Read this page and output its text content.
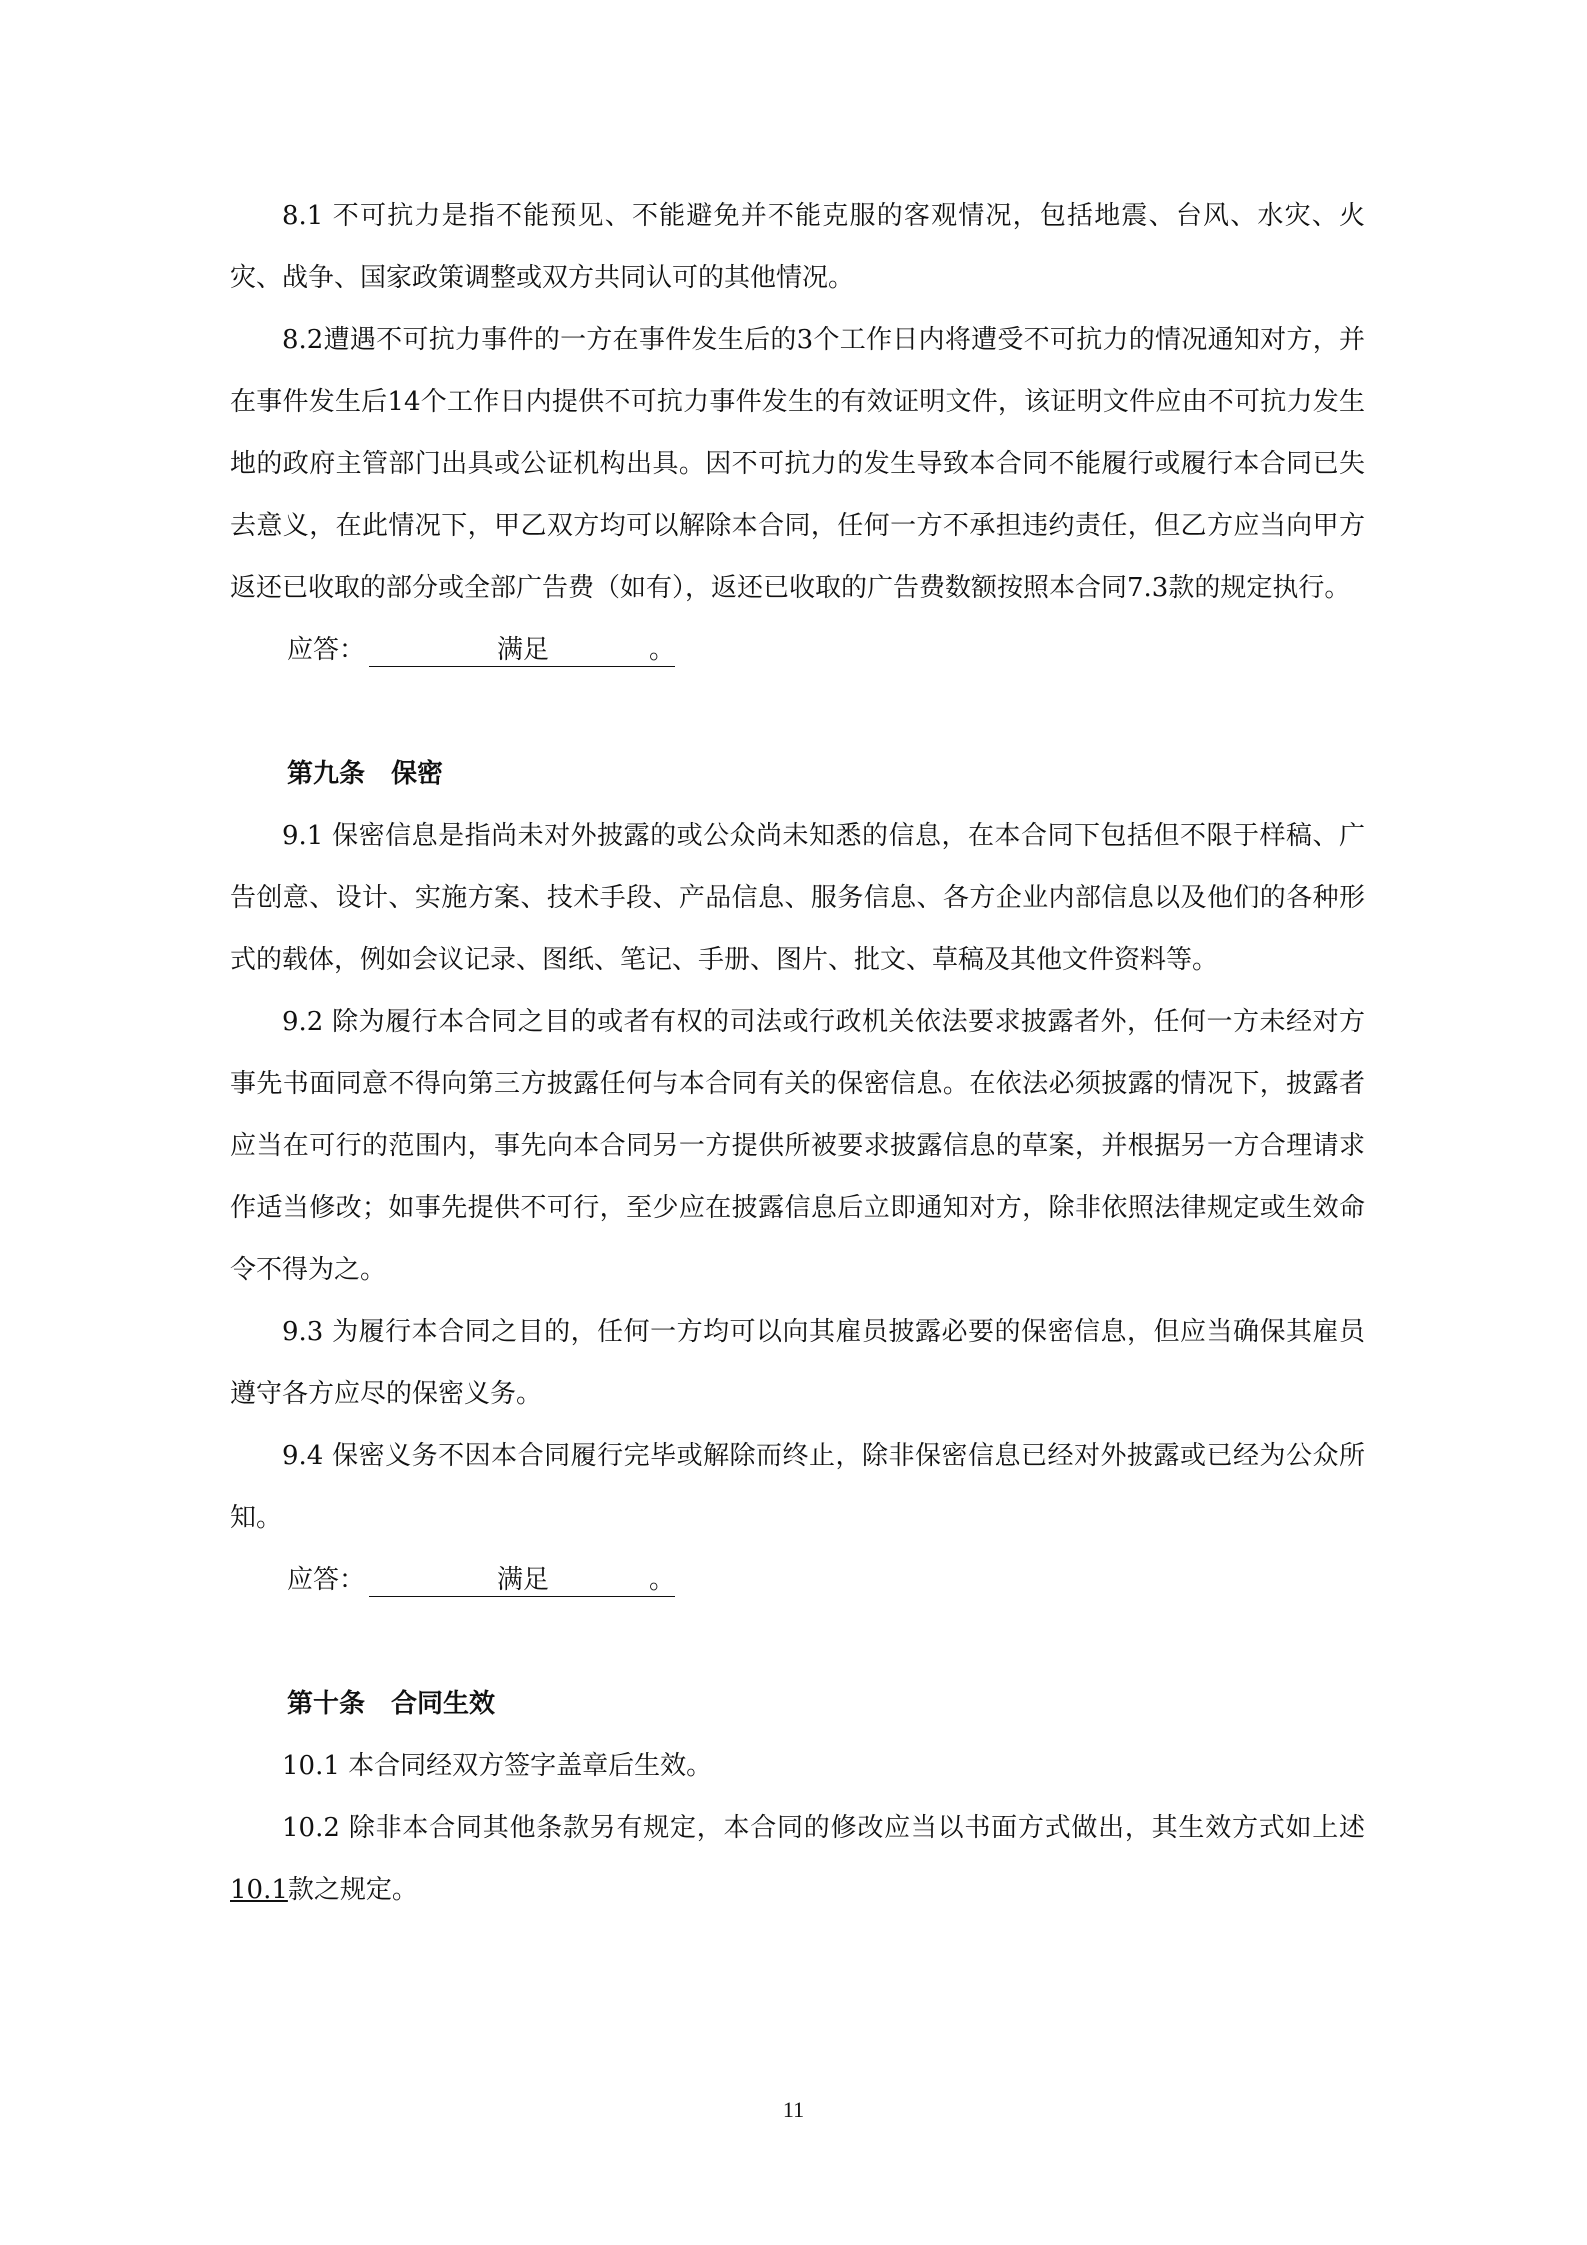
8.1 不可抗力是指不能预见、不能避免并不能克服的客观情况，包括地震、台风、水灾、火灾、战争、国家政策调整或双方共同认可的其他情况。

8.2遭遇不可抗力事件的一方在事件发生后的3个工作日内将遭受不可抗力的情况通知对方，并在事件发生后14个工作日内提供不可抗力事件发生的有效证明文件，该证明文件应由不可抗力发生地的政府主管部门出具或公证机构出具。因不可抗力的发生导致本合同不能履行或履行本合同已失去意义，在此情况下，甲乙双方均可以解除本合同，任何一方不承担违约责任，但乙方应当向甲方返还已收取的部分或全部广告费（如有），返还已收取的广告费数额按照本合同7.3款的规定执行。

应答：	满足	。

第九条 保密

9.1 保密信息是指尚未对外披露的或公众尚未知悉的信息，在本合同下包括但不限于样稿、广告创意、设计、实施方案、技术手段、产品信息、服务信息、各方企业内部信息以及他们的各种形式的载体，例如会议记录、图纸、笔记、手册、图片、批文、草稿及其他文件资料等。

9.2 除为履行本合同之目的或者有权的司法或行政机关依法要求披露者外，任何一方未经对方事先书面同意不得向第三方披露任何与本合同有关的保密信息。在依法必须披露的情况下，披露者应当在可行的范围内，事先向本合同另一方提供所被要求披露信息的草案，并根据另一方合理请求作适当修改；如事先提供不可行，至少应在披露信息后立即通知对方，除非依照法律规定或生效命令不得为之。

9.3 为履行本合同之目的，任何一方均可以向其雇员披露必要的保密信息，但应当确保其雇员遵守各方应尽的保密义务。

9.4 保密义务不因本合同履行完毕或解除而终止，除非保密信息已经对外披露或已经为公众所知。

应答：	满足	。

第十条 合同生效

10.1 本合同经双方签字盖章后生效。

10.2 除非本合同其他条款另有规定，本合同的修改应当以书面方式做出，其生效方式如上述10.1款之规定。

11
